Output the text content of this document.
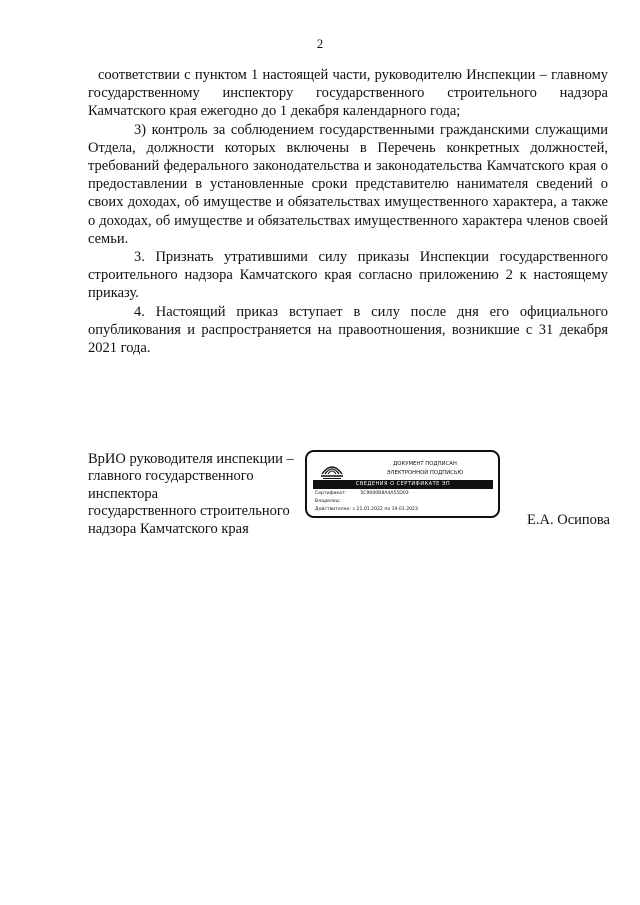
2

соответствии с пунктом 1 настоящей части, руководителю Инспекции – главному государственному инспектору государственного строительного надзора Камчатского края ежегодно до 1 декабря календарного года;

3) контроль за соблюдением государственными гражданскими служащими Отдела, должности которых включены в Перечень конкретных должностей, требований федерального законодательства и законодательства Камчатского края о предоставлении в установленные сроки представителю нанимателя сведений о своих доходах, об имуществе и обязательствах имущественного характера, а также о доходах, об имуществе и обязательствах имущественного характера членов своей семьи.

3. Признать утратившими силу приказы Инспекции государственного строительного надзора Камчатского края согласно приложению 2 к настоящему приказу.

4. Настоящий приказ вступает в силу после дня его официального опубликования и распространяется на правоотношения, возникшие с 31 декабря 2021 года.

ВрИО руководителя инспекции –
главного государственного
инспектора
государственного строительного
надзора Камчатского края
ДОКУМЕНТ ПОДПИСАН
ЭЛЕКТРОННОЙ ПОДПИСЬЮ
СВЕДЕНИЯ О СЕРТИФИКАТЕ ЭП
Сертификат:	5C9000B8A4A55D03
Владелец:
Действителен: с 21.01.2022 по 19.01.2023
Е.А. Осипова
